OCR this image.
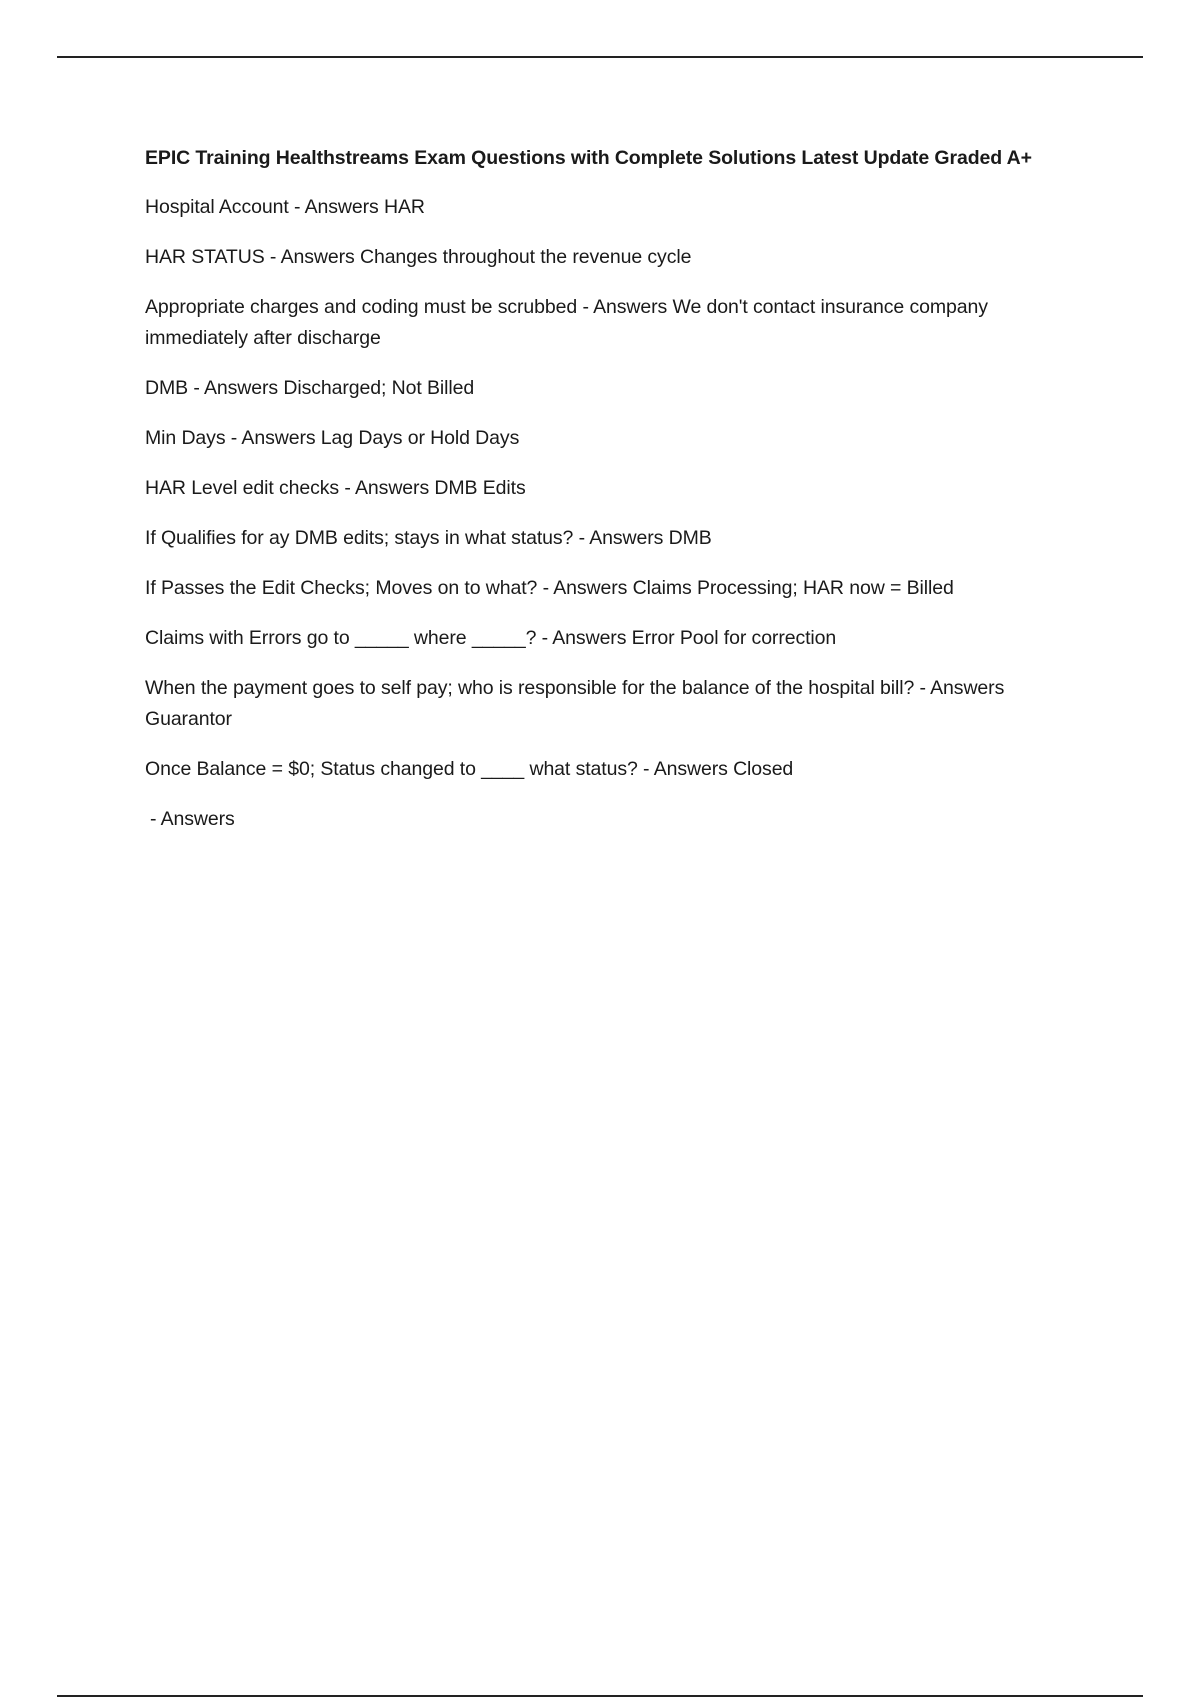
EPIC Training Healthstreams Exam Questions with Complete Solutions Latest Update Graded A+
Hospital Account - Answers HAR
HAR STATUS - Answers Changes throughout the revenue cycle
Appropriate charges and coding must be scrubbed - Answers We don't contact insurance company immediately after discharge
DMB - Answers Discharged; Not Billed
Min Days - Answers Lag Days or Hold Days
HAR Level edit checks - Answers DMB Edits
If Qualifies for ay DMB edits; stays in what status? - Answers DMB
If Passes the Edit Checks; Moves on to what? - Answers Claims Processing; HAR now = Billed
Claims with Errors go to _____ where _____? - Answers Error Pool for correction
When the payment goes to self pay; who is responsible for the balance of the hospital bill? - Answers Guarantor
Once Balance = $0; Status changed to ____ what status? - Answers Closed
- Answers
